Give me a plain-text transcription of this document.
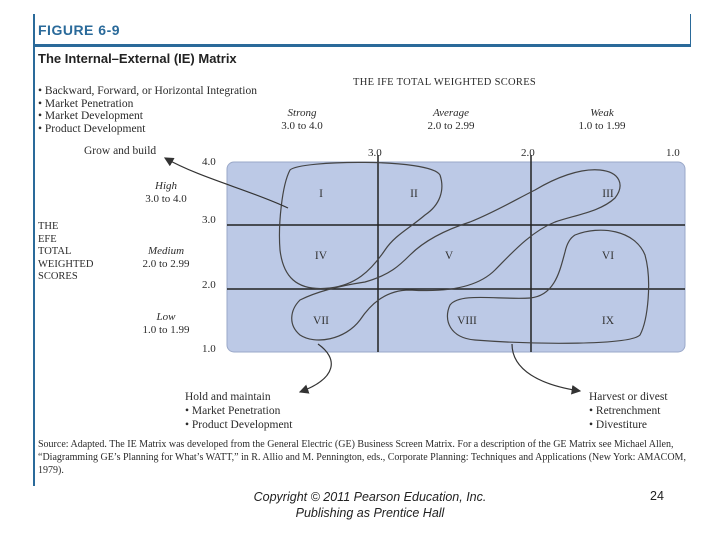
FIGURE 6-9
The Internal–External (IE) Matrix
• Backward, Forward, or Horizontal Integration
• Market Penetration
• Market Development
• Product Development
Grow and build
THE IFE TOTAL WEIGHTED SCORES
Strong
3.0 to 4.0
Average
2.0 to 2.99
Weak
1.0 to 1.99
3.0	2.0	1.0
THE
EFE
TOTAL
WEIGHTED
SCORES
High
3.0 to 4.0
Medium
2.0 to 2.99
Low
1.0 to 1.99
4.0
3.0
2.0
1.0
I	II	III
IV	V	VI
VII	VIII	IX
Hold and maintain
• Market Penetration
• Product Development
Harvest or divest
• Retrenchment
• Divestiture
Source: Adapted. The IE Matrix was developed from the General Electric (GE) Business Screen Matrix. For a description of the GE Matrix see Michael Allen, “Diagramming GE’s Planning for What’s WATT,” in R. Allio and M. Pennington, eds., Corporate Planning: Techniques and Applications (New York: AMACOM, 1979).
Copyright © 2011 Pearson Education, Inc.
Publishing as Prentice Hall
24
